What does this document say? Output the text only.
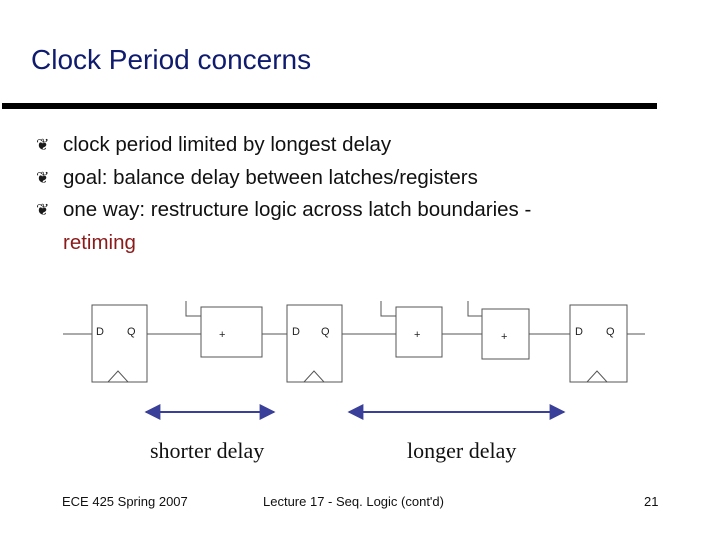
Clock Period concerns
❦ clock period limited by longest delay
❦ goal: balance delay between latches/registers
❦ one way: restructure logic across latch boundaries -
retiming
D Q	+	D Q	+	+	D Q
shorter delay	longer delay
ECE 425 Spring 2007	Lecture 17 - Seq. Logic (cont'd)	21
